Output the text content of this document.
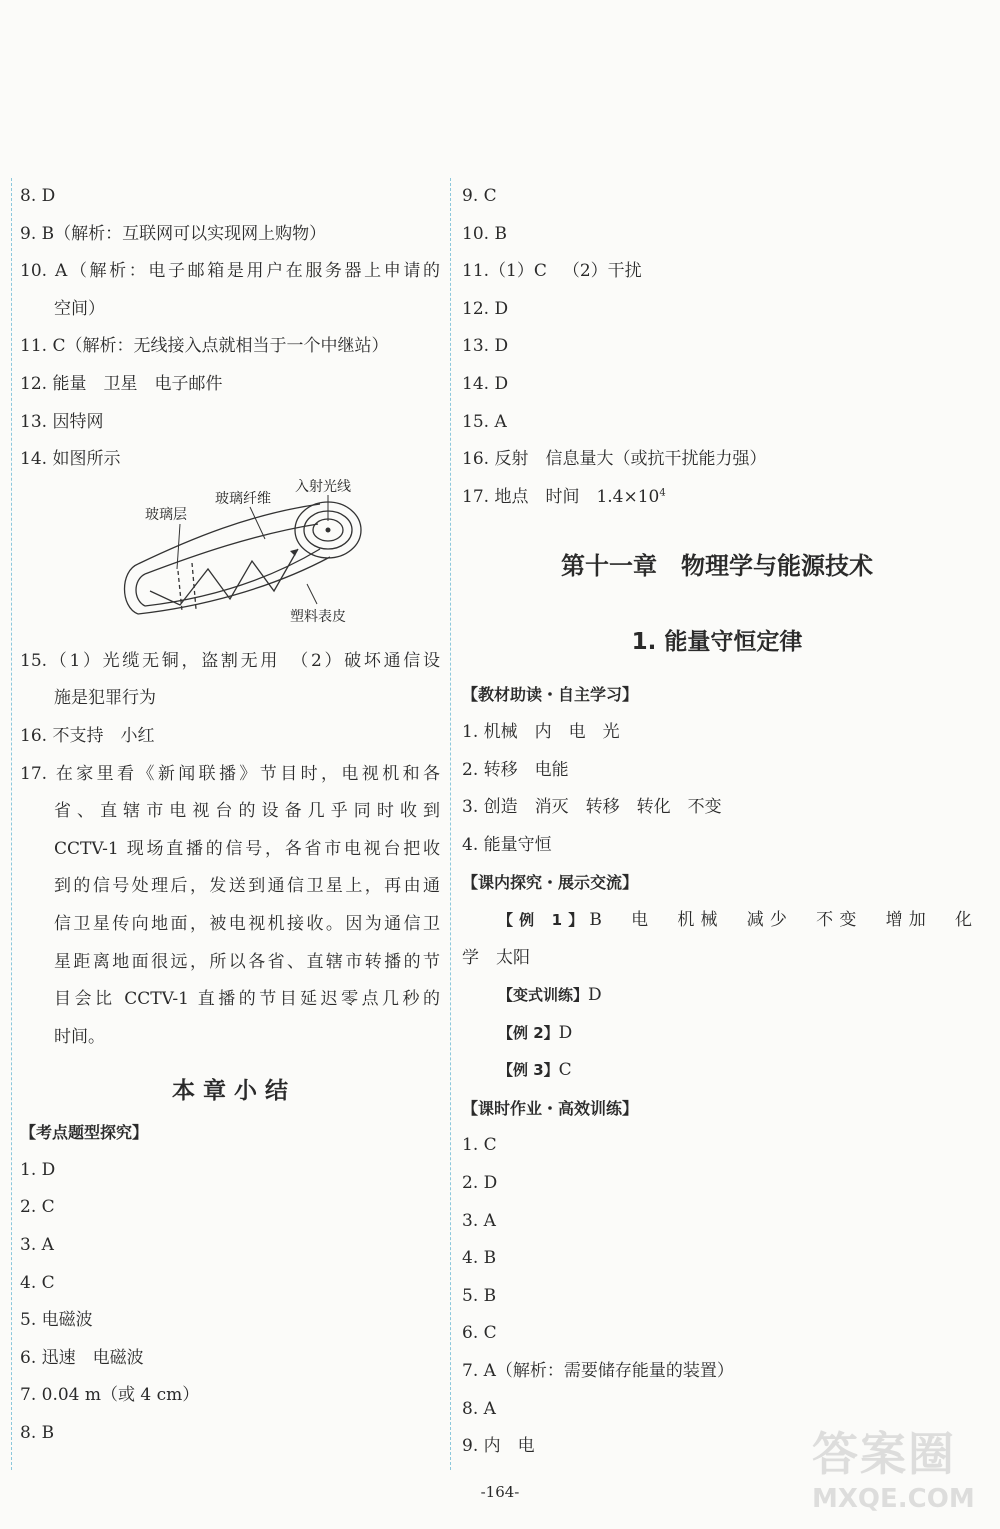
8. D
9. B（解析：互联网可以实现网上购物）
10. A（解析：电子邮箱是用户在服务器上申请的
空间）
11. C（解析：无线接入点就相当于一个中继站）
12. 能量　卫星　电子邮件
13. 因特网
14. 如图所示
入射光线
玻璃纤维
玻璃层
塑料表皮
15.（1）光缆无铜，盗割无用　（2）破坏通信设
施是犯罪行为
16. 不支持　小红
17. 在家里看《新闻联播》节目时，电视机和各
省、直辖市电视台的设备几乎同时收到
CCTV-1 现场直播的信号，各省市电视台把收
到的信号处理后，发送到通信卫星上，再由通
信卫星传向地面，被电视机接收。因为通信卫
星距离地面很远，所以各省、直辖市转播的节
目会比 CCTV-1 直播的节目延迟零点几秒的
时间。
本 章 小 结
【考点题型探究】
1. D
2. C
3. A
4. C
5. 电磁波
6. 迅速　电磁波
7. 0.04 m（或 4 cm）
8. B
9. C
10. B
11.（1）C （2）干扰
12. D
13. D
14. D
15. A
16. 反射　信息量大（或抗干扰能力强）
17. 地点　时间　$1.4\times 10^4$
第十一章　物理学与能源技术
1. 能量守恒定律
【教材助读・自主学习】
1. 机械　内　电　光
2. 转移　电能
3. 创造　消灭　转移　转化　不变
4. 能量守恒
【课内探究・展示交流】
【例 1】B　电　机械　减少　不变　增加　化
学　太阳
【变式训练】D
【例 2】D
【例 3】C
【课时作业・高效训练】
1. C
2. D
3. A
4. B
5. B
6. C
7. A（解析：需要储存能量的装置）
8. A
9. 内　电
-164-
答案圈
MXQE.COM
